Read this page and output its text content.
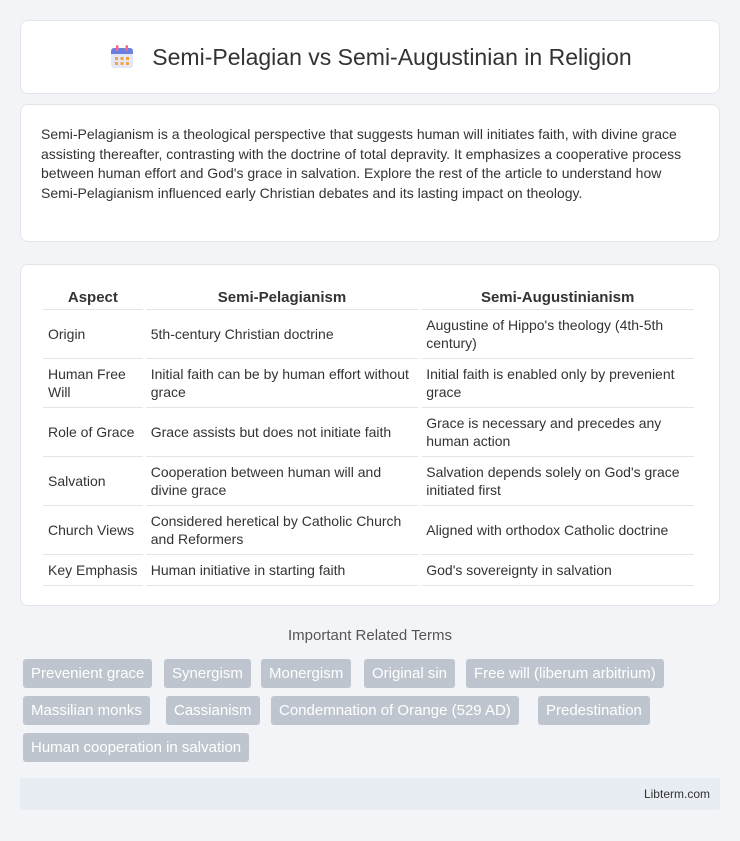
Semi-Pelagian vs Semi-Augustinian in Religion

Semi-Pelagianism is a theological perspective that suggests human will initiates faith, with divine grace assisting thereafter, contrasting with the doctrine of total depravity. It emphasizes a cooperative process between human effort and God's grace in salvation. Explore the rest of the article to understand how Semi-Pelagianism influenced early Christian debates and its lasting impact on theology.

Aspect	Semi-Pelagianism	Semi-Augustinianism
Origin	5th-century Christian doctrine	Augustine of Hippo's theology (4th-5th century)
Human Free Will	Initial faith can be by human effort without grace	Initial faith is enabled only by prevenient grace
Role of Grace	Grace assists but does not initiate faith	Grace is necessary and precedes any human action
Salvation	Cooperation between human will and divine grace	Salvation depends solely on God's grace initiated first
Church Views	Considered heretical by Catholic Church and Reformers	Aligned with orthodox Catholic doctrine
Key Emphasis	Human initiative in starting faith	God's sovereignty in salvation
Important Related Terms
Prevenient grace	Synergism	Monergism	Original sin	Free will (liberum arbitrium)
Massilian monks	Cassianism	Condemnation of Orange (529 AD)	Predestination
Human cooperation in salvation
Libterm.com
